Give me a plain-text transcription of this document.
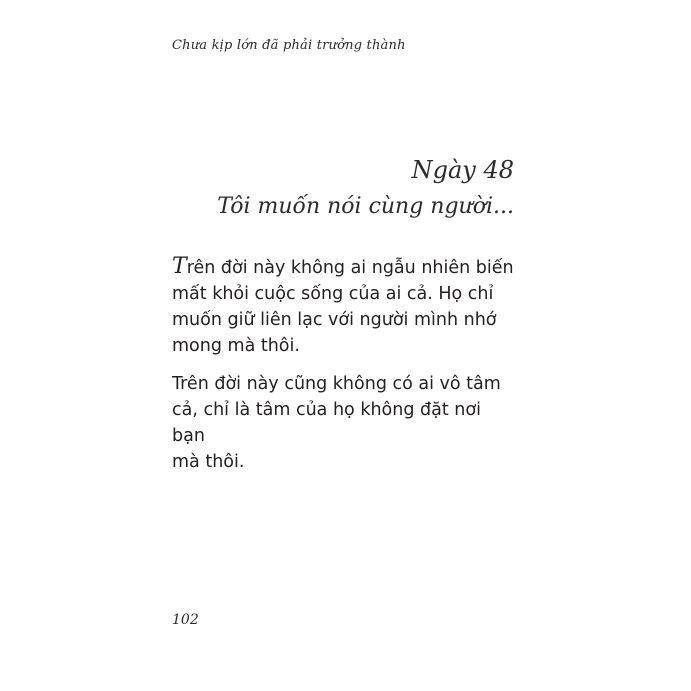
Chưa kịp lớn đã phải trưởng thành
Ngày 48
Tôi muốn nói cùng người...

Trên đời này không ai ngẫu nhiên biến
mất khỏi cuộc sống của ai cả. Họ chỉ
muốn giữ liên lạc với người mình nhớ
mong mà thôi.

Trên đời này cũng không có ai vô tâm
cả, chỉ là tâm của họ không đặt nơi bạn
mà thôi.

102
